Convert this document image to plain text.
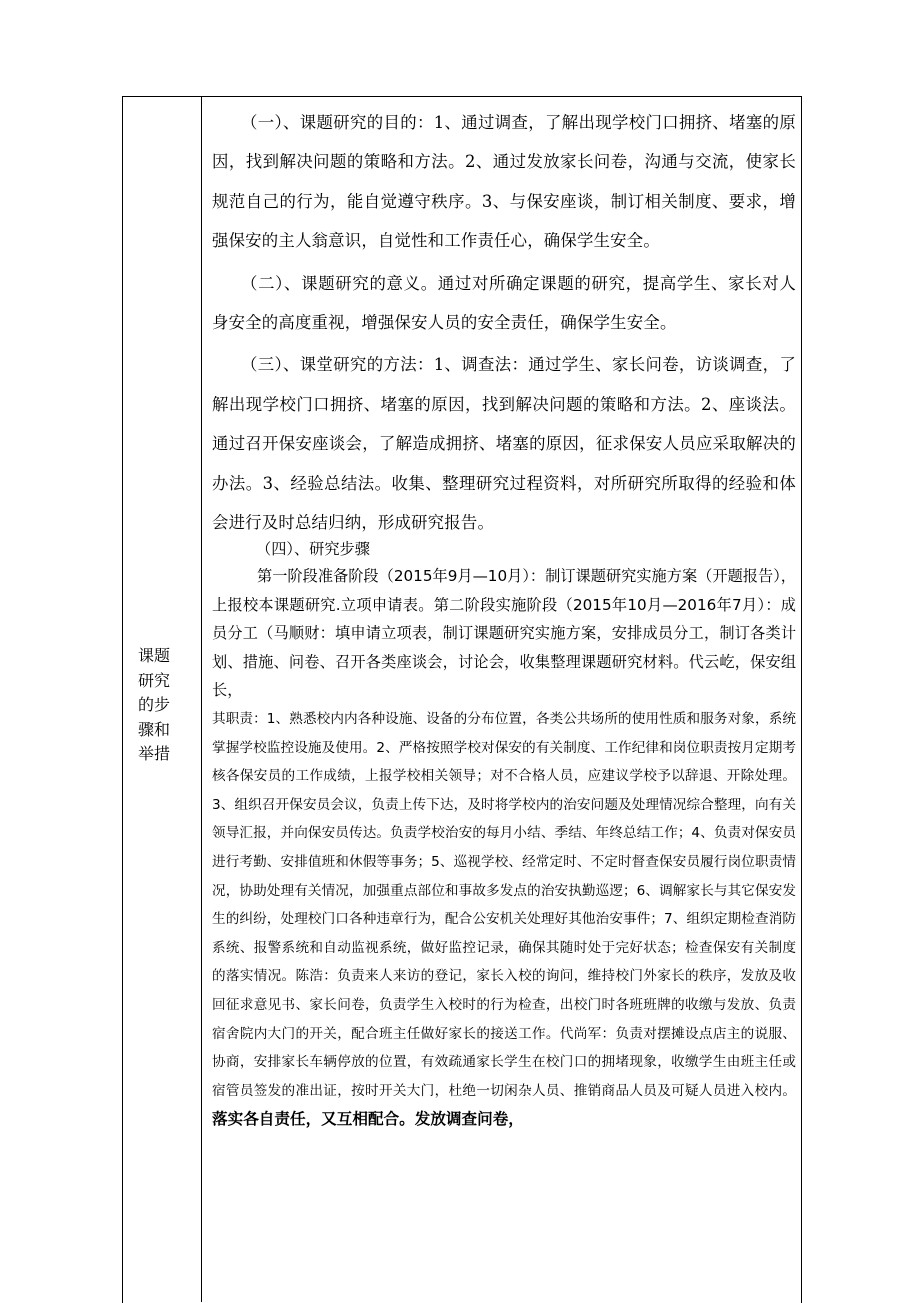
课题
研究
的步
骤和
举措

（一）、课题研究的目的：1、通过调查，了解出现学校门口拥挤、堵塞的原因，找到解决问题的策略和方法。2、通过发放家长问卷，沟通与交流，使家长规范自己的行为，能自觉遵守秩序。3、与保安座谈，制订相关制度、要求，增强保安的主人翁意识，自觉性和工作责任心，确保学生安全。

（二）、课题研究的意义。通过对所确定课题的研究，提高学生、家长对人身安全的高度重视，增强保安人员的安全责任，确保学生安全。

（三）、课堂研究的方法：1、调查法：通过学生、家长问卷，访谈调查，了解出现学校门口拥挤、堵塞的原因，找到解决问题的策略和方法。2、座谈法。通过召开保安座谈会，了解造成拥挤、堵塞的原因，征求保安人员应采取解决的办法。3、经验总结法。收集、整理研究过程资料，对所研究所取得的经验和体会进行及时总结归纳，形成研究报告。

（四）、研究步骤

第一阶段准备阶段（2015年9月—10月）：制订课题研究实施方案（开题报告），上报校本课题研究.立项申请表。第二阶段实施阶段（2015年10月—2016年7月）：成员分工（马顺财：填申请立项表，制订课题研究实施方案，安排成员分工，制订各类计划、措施、问卷、召开各类座谈会，讨论会，收集整理课题研究材料。代云屹，保安组长，

其职责：1、熟悉校内内各种设施、设备的分布位置，各类公共场所的使用性质和服务对象，系统掌握学校监控设施及使用。2、严格按照学校对保安的有关制度、工作纪律和岗位职责按月定期考核各保安员的工作成绩，上报学校相关领导；对不合格人员，应建议学校予以辞退、开除处理。3、组织召开保安员会议，负责上传下达，及时将学校内的治安问题及处理情况综合整理，向有关领导汇报，并向保安员传达。负责学校治安的每月小结、季结、年终总结工作；4、负责对保安员进行考勤、安排值班和休假等事务；5、巡视学校、经常定时、不定时督查保安员履行岗位职责情况，协助处理有关情况，加强重点部位和事故多发点的治安执勤巡逻；6、调解家长与其它保安发生的纠纷，处理校门口各种违章行为，配合公安机关处理好其他治安事件；7、组织定期检查消防系统、报警系统和自动监视系统，做好监控记录，确保其随时处于完好状态；检查保安有关制度的落实情况。陈浩：负责来人来访的登记，家长入校的询问，维持校门外家长的秩序，发放及收回征求意见书、家长问卷，负责学生入校时的行为检查，出校门时各班班牌的收缴与发放、负责宿舍院内大门的开关，配合班主任做好家长的接送工作。代尚军：负责对摆摊设点店主的说服、协商，安排家长车辆停放的位置，有效疏通家长学生在校门口的拥堵现象，收缴学生由班主任或宿管员签发的准出证，按时开关大门，杜绝一切闲杂人员、推销商品人员及可疑人员进入校内。落实各自责任，又互相配合。发放调查问卷，
